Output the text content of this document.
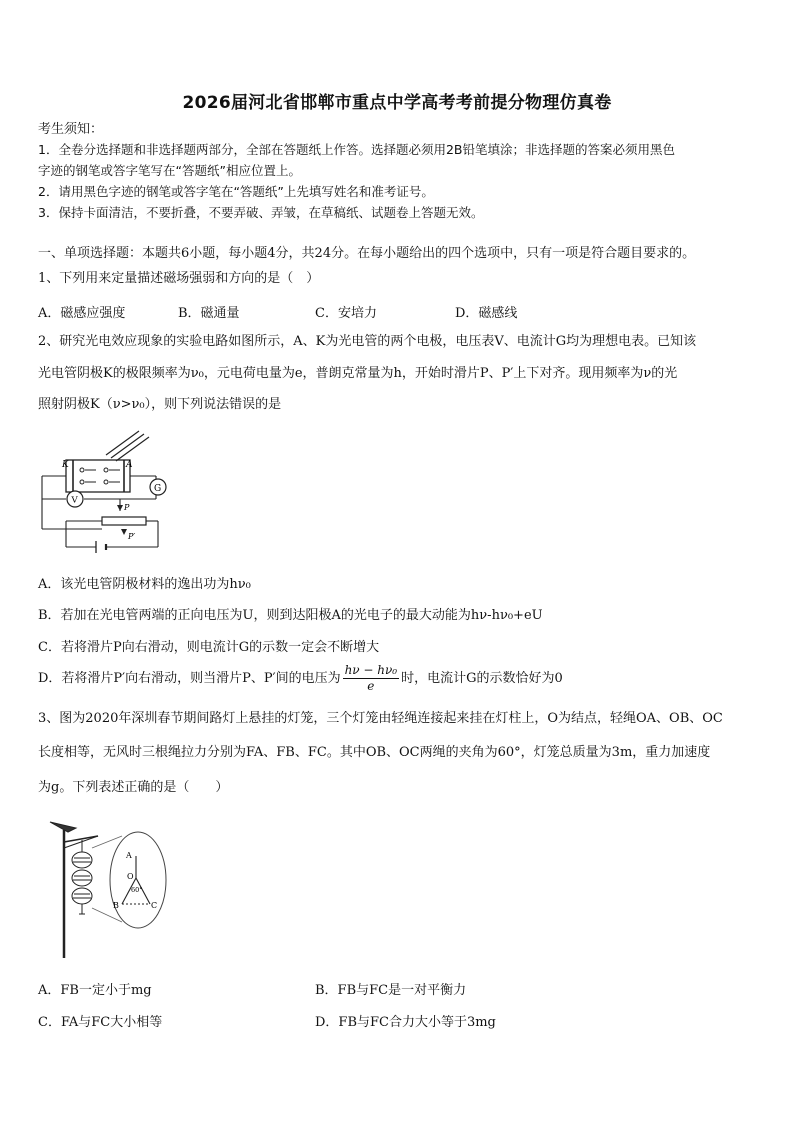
2026届河北省邯郸市重点中学高考考前提分物理仿真卷
考生须知：
1．全卷分选择题和非选择题两部分，全部在答题纸上作答。选择题必须用2B铅笔填涂；非选择题的答案必须用黑色
字迹的钢笔或答字笔写在“答题纸”相应位置上。
2．请用黑色字迹的钢笔或答字笔在“答题纸”上先填写姓名和准考证号。
3．保持卡面清洁，不要折叠，不要弄破、弄皱，在草稿纸、试题卷上答题无效。
一、单项选择题：本题共6小题，每小题4分，共24分。在每小题给出的四个选项中，只有一项是符合题目要求的。
1、下列用来定量描述磁场强弱和方向的是（　）
A．磁感应强度	B．磁通量	C．安培力	D．磁感线
2、研究光电效应现象的实验电路如图所示，A、K为光电管的两个电极，电压表V、电流计G均为理想电表。已知该
光电管阴极K的极限频率为ν₀，元电荷电量为e，普朗克常量为h，开始时滑片P、P′上下对齐。现用频率为ν的光
照射阴极K（ν>ν₀），则下列说法错误的是
K	A
G
V
P
P′
A．该光电管阴极材料的逸出功为hν₀
B．若加在光电管两端的正向电压为U，则到达阳极A的光电子的最大动能为hν-hν₀+eU
C．若将滑片P向右滑动，则电流计G的示数一定会不断增大
D．若将滑片P′向右滑动，则当滑片P、P′间的电压为 $\frac{\text{hν − hν₀}}{e}$ 时，电流计G的示数恰好为0
3、图为2020年深圳春节期间路灯上悬挂的灯笼，三个灯笼由轻绳连接起来挂在灯柱上，O为结点，轻绳OA、OB、OC
长度相等，无风时三根绳拉力分别为FA、FB、FC。其中OB、OC两绳的夹角为60°，灯笼总质量为3m，重力加速度
为g。下列表述正确的是（　　）
A
O
B	C
60°
A．FB一定小于mg	B．FB与FC是一对平衡力
C．FA与FC大小相等	D．FB与FC合力大小等于3mg
